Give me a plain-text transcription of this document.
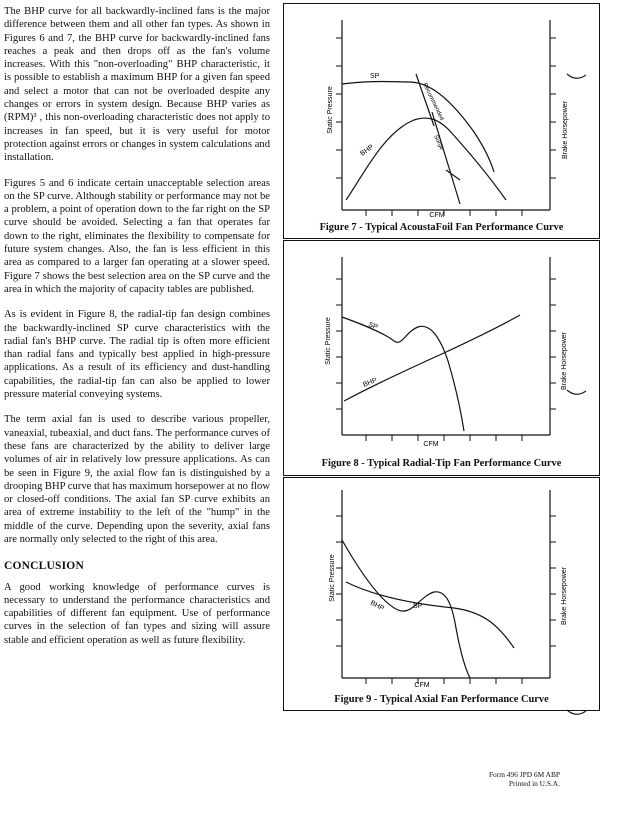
The BHP curve for all backwardly-inclined fans is the major difference between them and all other fan types. As shown in Figures 6 and 7, the BHP curve for backwardly-inclined fans reaches a peak and then drops off as the fan's volume increases. With this "non-overloading" BHP characteristic, it is possible to establish a maximum BHP for a given fan speed and select a motor that can not be overloaded despite any changes or errors in system design. Because BHP varies as (RPM)³ , this non-overloading characteristic does not apply to increases in fan speed, but it is very useful for motor protection against errors or changes in system calculations and installation.

Figures 5 and 6 indicate certain unacceptable selection areas on the SP curve. Although stability or performance may not be a problem, a point of operation down to the far right on the SP curve should be avoided. Selecting a fan that operates far down to the right, eliminates the flexibility to compensate for future system changes. Also, the fan is less efficient in this area as compared to a larger fan operating at a slower speed. Figure 7 shows the best selection area on the SP curve and the area in which the majority of capacity tables are published.

As is evident in Figure 8, the radial-tip fan design combines the backwardly-inclined SP curve characteristics with the radial fan's BHP curve. The radial tip is often more efficient than radial fans and typically best applied in high-pressure applications. As a result of its efficiency and dust-handling capabilities, the radial-tip fan can also be applied to lower pressure material conveying systems.

The term axial fan is used to describe various propeller, vaneaxial, tubeaxial, and duct fans. The performance curves of these fans are characterized by the ability to deliver large volumes of air in relatively low pressure applications. As can be seen in Figure 9, the axial flow fan is distinguished by a drooping BHP curve that has maximum horsepower at no flow or closed-off conditions. The axial fan SP curve exhibits an area of extreme instability to the left of the "hump" in the middle of the curve. Depending upon the severity, axial fans are normally only selected to the right of this area.

CONCLUSION

A good working knowledge of performance curves is necessary to understand the performance characteristics and capabilities of different fan equipment. Use of performance curves in the selection of fan types and sizing will assure stable and efficient operation as well as future flexibility.

SP
BHP
Recommended
Surge
CFM
Static Pressure	Brake Horsepower
Figure 7 - Typical AcoustaFoil Fan Performance Curve
SP
BHP
CFM
Static Pressure	Brake Horsepower
Figure 8 - Typical Radial-Tip Fan Performance Curve
SP
BHP
CFM
Static Pressure	Brake Horsepower
Figure 9 - Typical Axial Fan Performance Curve
Form 496 JPD 6M ABP
Printed in U.S.A.
